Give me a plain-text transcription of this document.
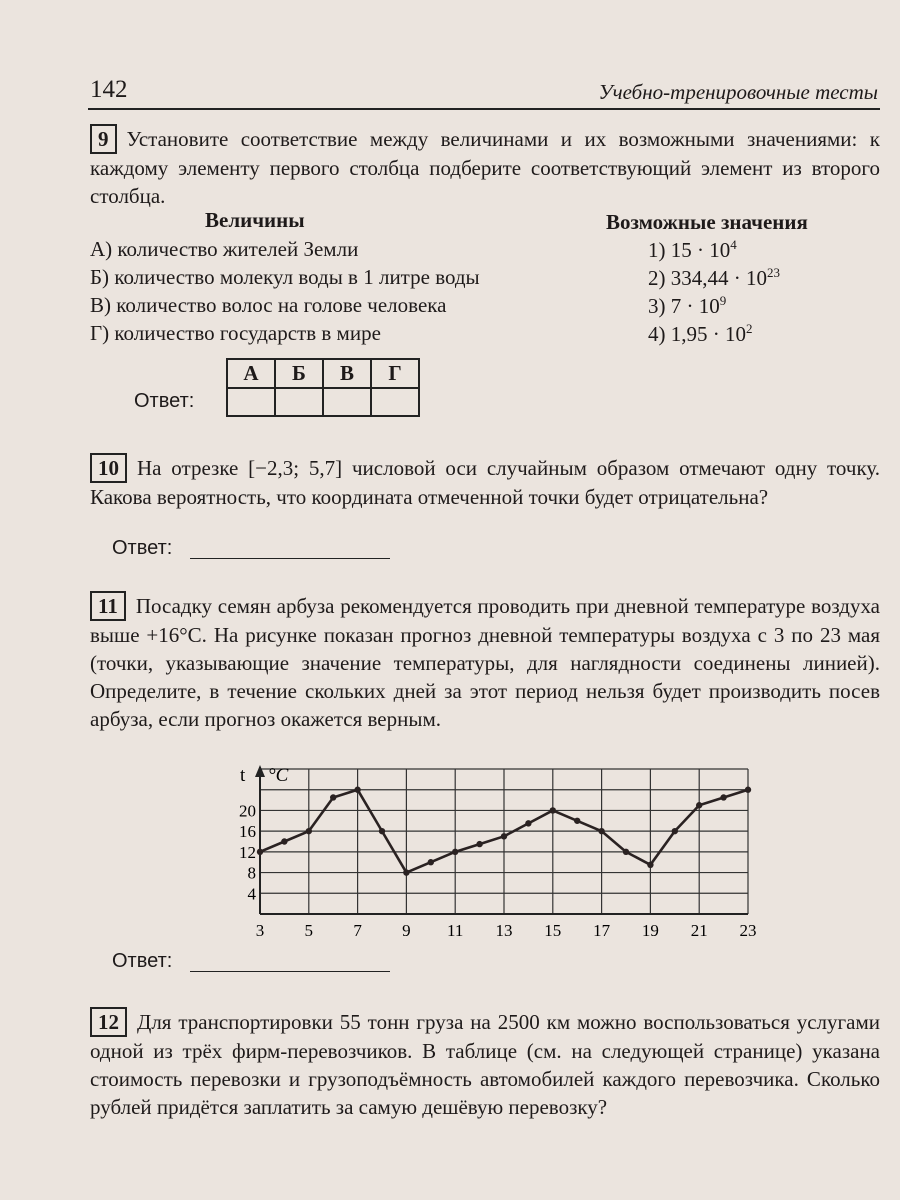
142	Учебно-тренировочные тесты
9 Установите соответствие между величинами и их возможными значениями: к каждому элементу первого столбца подберите соответствующий элемент из второго столбца.
Величины	Возможные значения
А) количество жителей Земли
Б) количество молекул воды в 1 литре воды
В) количество волос на голове человека
Г) количество государств в мире
1) $15 \cdot 10^4$
2) $334,44 \cdot 10^{23}$
3) $7 \cdot 10^9$
4) $1,95 \cdot 10^2$
Ответ:
А	Б	В	Г

10 На отрезке [−2,3; 5,7] числовой оси случайным образом отмечают одну точку. Какова вероятность, что координата отмеченной точки будет отрицательна?
Ответ:
11 Посадку семян арбуза рекомендуется проводить при дневной температуре воздуха выше +16°C. На рисунке показан прогноз дневной температуры воздуха с 3 по 23 мая (точки, указывающие значение температуры, для наглядности соединены линией). Определите, в течение скольких дней за этот период нельзя будет производить посев арбуза, если прогноз окажется верным.
t °C
3 5 7 9 11 13 15 17 19 21 23
4
8
12
16
20
Ответ:
12 Для транспортировки 55 тонн груза на 2500 км можно воспользоваться услугами одной из трёх фирм-перевозчиков. В таблице (см. на следующей странице) указана стоимость перевозки и грузоподъёмность автомобилей каждого перевозчика. Сколько рублей придётся заплатить за самую дешёвую перевозку?
